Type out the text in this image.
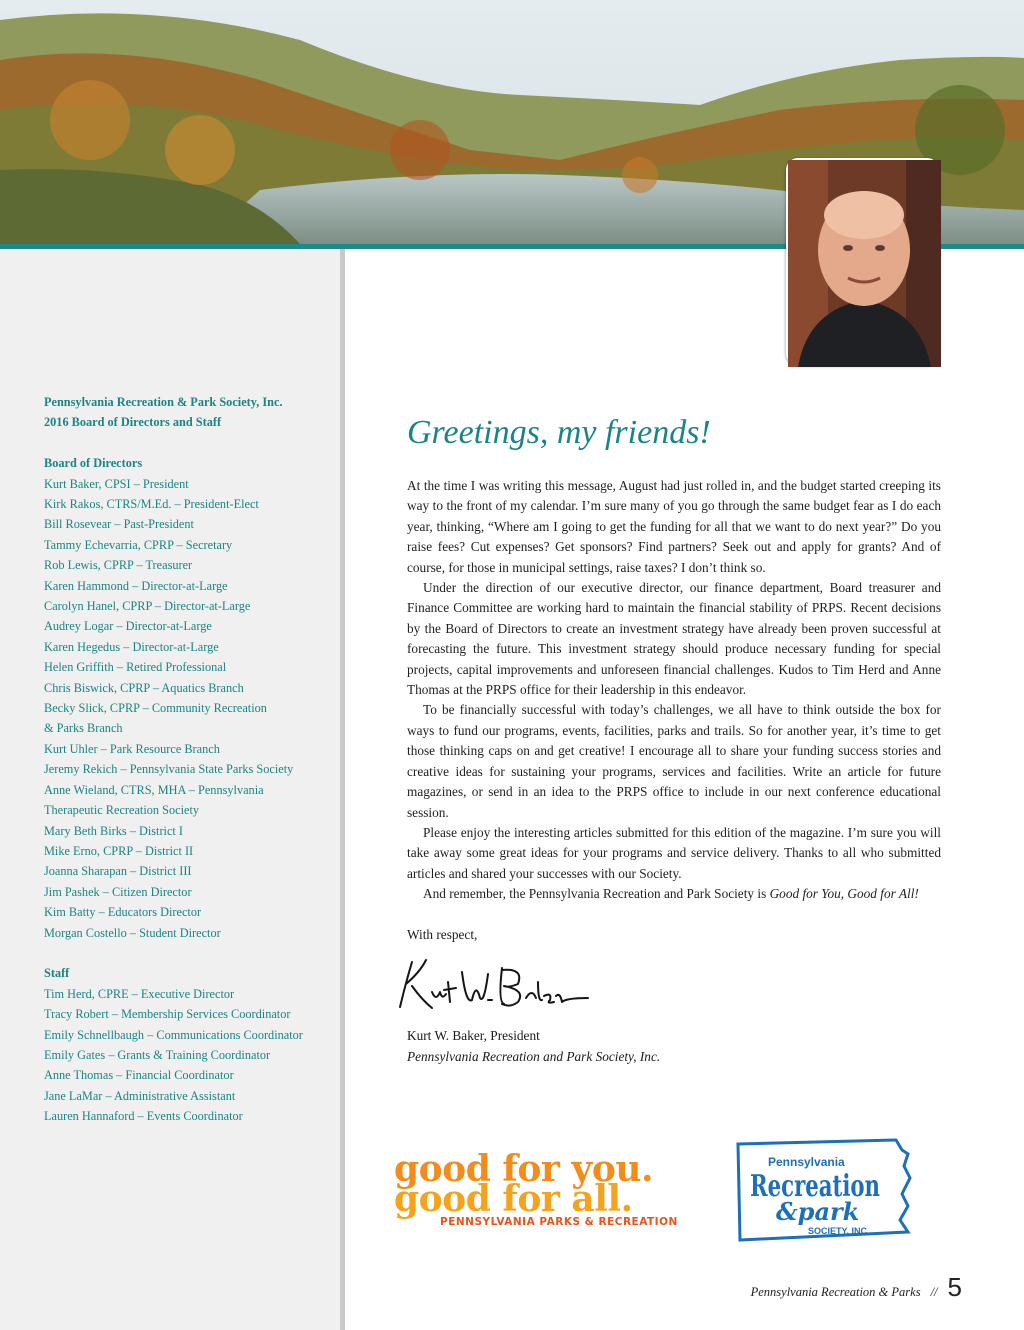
Pennsylvania Recreation & Park Society, Inc.
2016 Board of Directors and Staff
Board of Directors
Kurt Baker, CPSI – President
Kirk Rakos, CTRS/M.Ed. – President-Elect
Bill Rosevear – Past-President
Tammy Echevarria, CPRP – Secretary
Rob Lewis, CPRP – Treasurer
Karen Hammond – Director-at-Large
Carolyn Hanel, CPRP – Director-at-Large
Audrey Logar – Director-at-Large
Karen Hegedus – Director-at-Large
Helen Griffith – Retired Professional
Chris Biswick, CPRP – Aquatics Branch
Becky Slick, CPRP – Community Recreation
& Parks Branch
Kurt Uhler – Park Resource Branch
Jeremy Rekich – Pennsylvania State Parks Society
Anne Wieland, CTRS, MHA – Pennsylvania
Therapeutic Recreation Society
Mary Beth Birks – District I
Mike Erno, CPRP – District II
Joanna Sharapan – District III
Jim Pashek – Citizen Director
Kim Batty – Educators Director
Morgan Costello – Student Director
Staff
Tim Herd, CPRE – Executive Director
Tracy Robert – Membership Services Coordinator
Emily Schnellbaugh – Communications Coordinator
Emily Gates – Grants & Training Coordinator
Anne Thomas – Financial Coordinator
Jane LaMar – Administrative Assistant
Lauren Hannaford – Events Coordinator
Greetings, my friends!

At the time I was writing this message, August had just rolled in, and the budget started creeping its way to the front of my calendar. I’m sure many of you go through the same budget fear as I do each year, thinking, “Where am I going to get the funding for all that we want to do next year?” Do you raise fees? Cut expenses? Get sponsors? Find partners? Seek out and apply for grants? And of course, for those in municipal settings, raise taxes? I don’t think so.

Under the direction of our executive director, our finance department, Board treasurer and Finance Committee are working hard to maintain the financial stability of PRPS. Recent decisions by the Board of Directors to create an investment strategy have already been proven successful at forecasting the future. This investment strategy should produce necessary funding for special projects, capital improvements and unforeseen financial challenges. Kudos to Tim Herd and Anne Thomas at the PRPS office for their leadership in this endeavor.

To be financially successful with today’s challenges, we all have to think outside the box for ways to fund our programs, events, facilities, parks and trails. So for another year, it’s time to get those thinking caps on and get creative! I encourage all to share your funding success stories and creative ideas for sustaining your programs, services and facilities. Write an article for future magazines, or send in an idea to the PRPS office to include in our next conference educational session.

Please enjoy the interesting articles submitted for this edition of the magazine. I’m sure you will take away some great ideas for your programs and service delivery. Thanks to all who submitted articles and shared your successes with our Society.

And remember, the Pennsylvania Recreation and Park Society is Good for You, Good for All!

With respect,
Kurt W. Baker, President
Pennsylvania Recreation and Park Society, Inc.
good for you.
good for all.
PENNSYLVANIA PARKS & RECREATION
Pennsylvania
Recreation
&park
SOCIETY, INC.
Pennsylvania Recreation & Parks // 5
